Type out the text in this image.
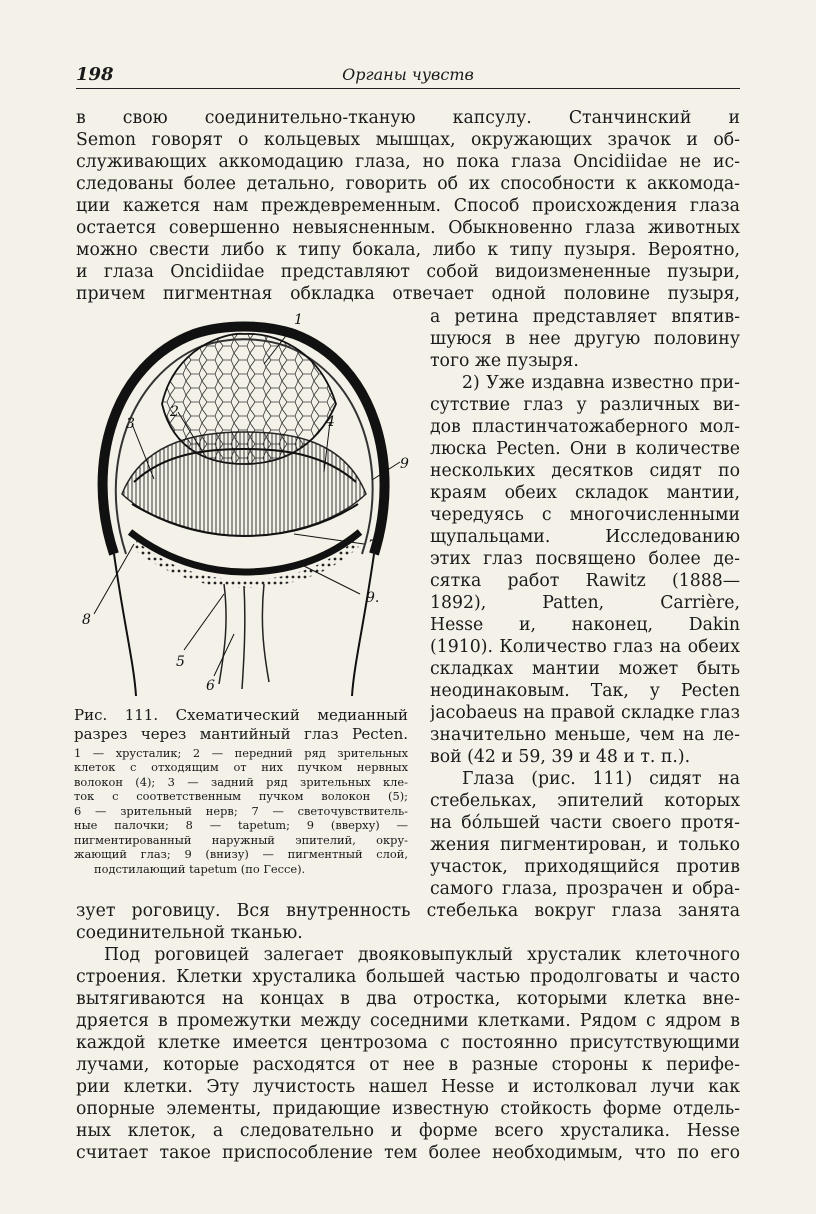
198	Органы чувств
в свою соединительно-тканую капсулу. Станчинский и
Semon говорят о кольцевых мышцах, окружающих зрачок и об-
служивающих аккомодацию глаза, но пока глаза Oncidiidae не ис-
следованы более детально, говорить об их способности к аккомода-
ции кажется нам преждевременным. Способ происхождения глаза
остается совершенно невыясненным. Обыкновенно глаза животных
можно свести либо к типу бокала, либо к типу пузыря. Вероятно,
и глаза Oncidiidae представляют собой видоизмененные пузыри,
причем пигментная обкладка отвечает одной половине пузыря,
а ретина представляет впятив-
шуюся в нее другую половину
того же пузыря.
2) Уже издавна известно при-
сутствие глаз у различных ви-
дов пластинчатожаберного мол-
люска Pecten. Они в количестве
нескольких десятков сидят по
краям обеих складок мантии,
чередуясь с многочисленными
щупальцами. Исследованию
этих глаз посвящено более де-
сятка работ Rawitz (1888—
1892), Patten, Carrière,
Hesse и, наконец, Dakin
(1910). Количество глаз на обеих
складках мантии может быть
неодинаковым. Так, у Pecten
jacobaeus на правой складке глаз
значительно меньше, чем на ле-
вой (42 и 59, 39 и 48 и т. п.).
Глаза (рис. 111) сидят на
стебельках, эпителий которых
на бо́льшей части своего протя-
жения пигментирован, и только
участок, приходящийся против
самого глаза, прозрачен и обра-
1
2
3	4
9
7
9.
8
5
6
Рис. 111. Схематический медианный
разрез через мантийный глаз Pecten.
1 — хрусталик; 2 — передний ряд зрительных
клеток с отходящим от них пучком нервных
волокон (4); 3 — задний ряд зрительных кле-
ток с соответственным пучком волокон (5);
6 — зрительный нерв; 7 — светочувствитель-
ные палочки; 8 — tapetum; 9 (вверху) —
пигментированный наружный эпителий, окру-
жающий глаз; 9 (внизу) — пигментный слой,
подстилающий tapetum (по Гессе).
зует роговицу. Вся внутренность стебелька вокруг глаза занята
соединительной тканью.
Под роговицей залегает двояковыпуклый хрусталик клеточного
строения. Клетки хрусталика большей частью продолговаты и часто
вытягиваются на концах в два отростка, которыми клетка вне-
дряется в промежутки между соседними клетками. Рядом с ядром в
каждой клетке имеется центрозома с постоянно присутствующими
лучами, которые расходятся от нее в разные стороны к перифе-
рии клетки. Эту лучистость нашел Hesse и истолковал лучи как
опорные элементы, придающие известную стойкость форме отдель-
ных клеток, а следовательно и форме всего хрусталика. Hesse
считает такое приспособление тем более необходимым, что по его
